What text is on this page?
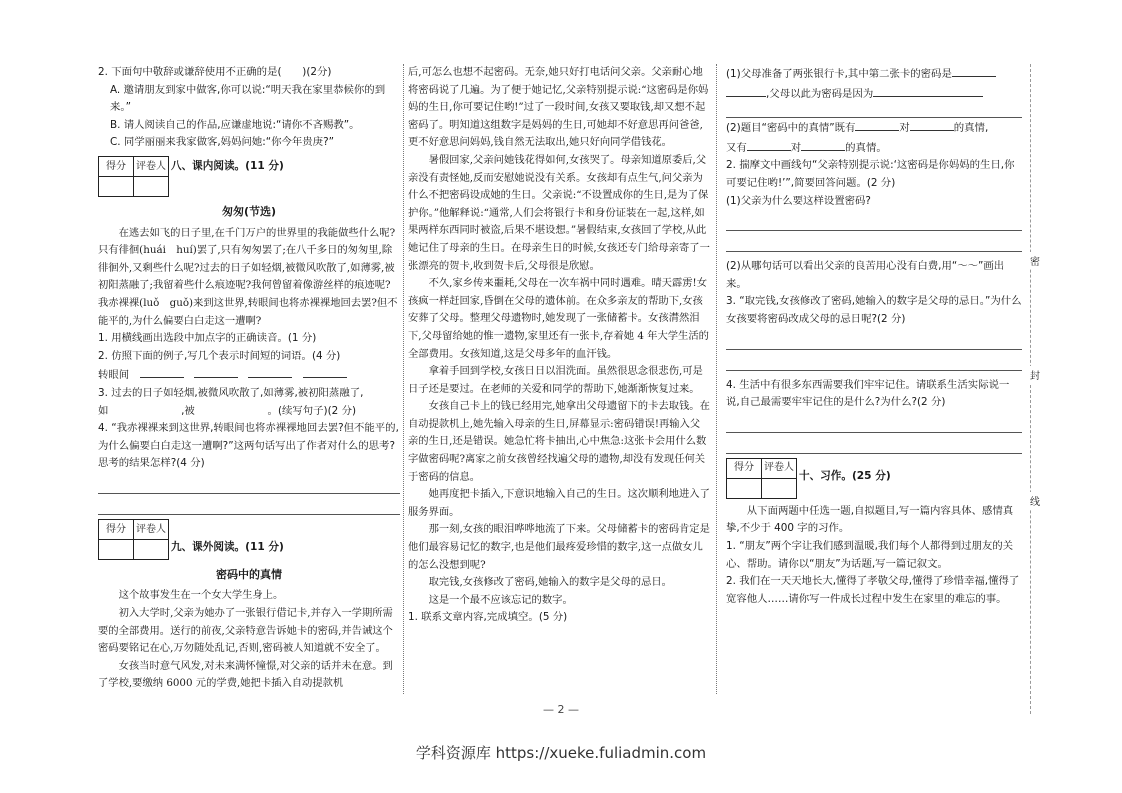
2. 下面句中敬辞或谦辞使用不正确的是(　　)(2分)

A. 邀请朋友到家中做客,你可以说:“明天我在家里恭候你的到来。”

B. 请人阅读自己的作品,应谦虚地说:“请你不吝赐教”。

C. 同学丽丽来我家做客,妈妈问她:“你今年贵庚?”

得分	评卷人
	八、课内阅读。(11 分)

匆匆(节选)

在逃去如飞的日子里,在千门万户的世界里的我能做些什么呢?只有徘徊(huái　huí)罢了,只有匆匆罢了;在八千多日的匆匆里,除徘徊外,又剩些什么呢?过去的日子如轻烟,被微风吹散了,如薄雾,被初阳蒸融了;我留着些什么痕迹呢?我何曾留着像游丝样的痕迹呢?我赤裸裸(luǒ　guǒ)来到这世界,转眼间也将赤裸裸地回去罢?但不能平的,为什么偏要白白走这一遭啊?

1. 用横线画出选段中加点字的正确读音。(1 分)

2. 仿照下面的例子,写几个表示时间短的词语。(4 分)

转眼间　　　　

3. 过去的日子如轻烟,被微风吹散了,如薄雾,被初阳蒸融了,

如　　　　　　　,被　　　　　　　。(续写句子)(2 分)

4. “我赤裸裸来到这世界,转眼间也将赤裸裸地回去罢?但不能平的,为什么偏要白白走这一遭啊?”这两句话写出了作者对什么的思考?思考的结果怎样?(4 分)

得分	评卷人

九、课外阅读。(11 分)

密码中的真情

这个故事发生在一个女大学生身上。

初入大学时,父亲为她办了一张银行借记卡,并存入一学期所需要的全部费用。送行的前夜,父亲特意告诉她卡的密码,并告诫这个密码要铭记在心,万勿随处乱记,否则,密码被人知道就不安全了。

女孩当时意气风发,对未来满怀憧憬,对父亲的话并未在意。到了学校,要缴纳 6000 元的学费,她把卡插入自动提款机

后,可怎么也想不起密码。无奈,她只好打电话问父亲。父亲耐心地将密码说了几遍。为了便于她记忆,父亲特别提示说:“这密码是你妈妈的生日,你可要记住哟!”过了一段时间,女孩又要取钱,却又想不起密码了。明知道这组数字是妈妈的生日,可她却不好意思再问爸爸,更不好意思问妈妈,钱自然无法取出,她只好向同学借钱花。

暑假回家,父亲问她钱花得如何,女孩哭了。母亲知道原委后,父亲没有责怪她,反而安慰她说没有关系。女孩却有点生气,问父亲为什么不把密码设成她的生日。父亲说:“不设置成你的生日,是为了保护你。”他解释说:“通常,人们会将银行卡和身份证装在一起,这样,如果两样东西同时被盗,后果不堪设想。”暑假结束,女孩回了学校,从此她记住了母亲的生日。在母亲生日的时候,女孩还专门给母亲寄了一张漂亮的贺卡,收到贺卡后,父母很是欣慰。

不久,家乡传来噩耗,父母在一次车祸中同时遇难。晴天霹雳!女孩疯一样赶回家,昏倒在父母的遗体前。在众多亲友的帮助下,女孩安葬了父母。整理父母遗物时,她发现了一张储蓄卡。女孩潸然泪下,父母留给她的惟一遗物,家里还有一张卡,存着她 4 年大学生活的全部费用。女孩知道,这是父母多年的血汗钱。

拿着手回到学校,女孩日日以泪洗面。虽然很思念很悲伤,可是日子还是要过。在老师的关爱和同学的帮助下,她渐渐恢复过来。

女孩自己卡上的钱已经用完,她拿出父母遗留下的卡去取钱。在自动提款机上,她先输入母亲的生日,屏幕显示:密码错误!再输入父亲的生日,还是错误。她急忙将卡抽出,心中焦急:这张卡会用什么数字做密码呢?离家之前女孩曾经找遍父母的遗物,却没有发现任何关于密码的信息。

她再度把卡插入,下意识地输入自己的生日。这次顺利地进入了服务界面。

那一刻,女孩的眼泪哗哗地流了下来。父母储蓄卡的密码肯定是他们最容易记忆的数字,也是他们最疼爱珍惜的数字,这一点做女儿的怎么没想到呢?

取完钱,女孩修改了密码,她输入的数字是父母的忌日。

这是一个最不应该忘记的数字。

1. 联系文章内容,完成填空。(5 分)

(1)父母准备了两张银行卡,其中第二张卡的密码是

,父母以此为密码是因为

(2)题目“密码中的真情”既有	对	的真情,

又有	对	的真情。

2. 揣摩文中画线句“父亲特别提示说:‘这密码是你妈妈的生日,你可要记住哟!’”,简要回答问题。(2 分)

(1)父亲为什么要这样设置密码?

(2)从哪句话可以看出父亲的良苦用心没有白费,用“～～”画出来。

3. “取完钱,女孩修改了密码,她输入的数字是父母的忌日。”为什么女孩要将密码改成父母的忌日呢?(2 分)

4. 生活中有很多东西需要我们牢牢记住。请联系生活实际说一说,自己最需要牢牢记住的是什么?为什么?(2 分)

得分	评卷人

十、习作。(25 分)

从下面两题中任选一题,自拟题目,写一篇内容具体、感情真挚,不少于 400 字的习作。

1. “朋友”两个字让我们感到温暖,我们每个人都得到过朋友的关心、帮助。请你以“朋友”为话题,写一篇记叙文。

2. 我们在一天天地长大,懂得了孝敬父母,懂得了珍惜幸福,懂得了宽容他人……请你写一件成长过程中发生在家里的难忘的事。

密
封
线
— 2 —
学科资源库 https://xueke.fuliadmin.com
